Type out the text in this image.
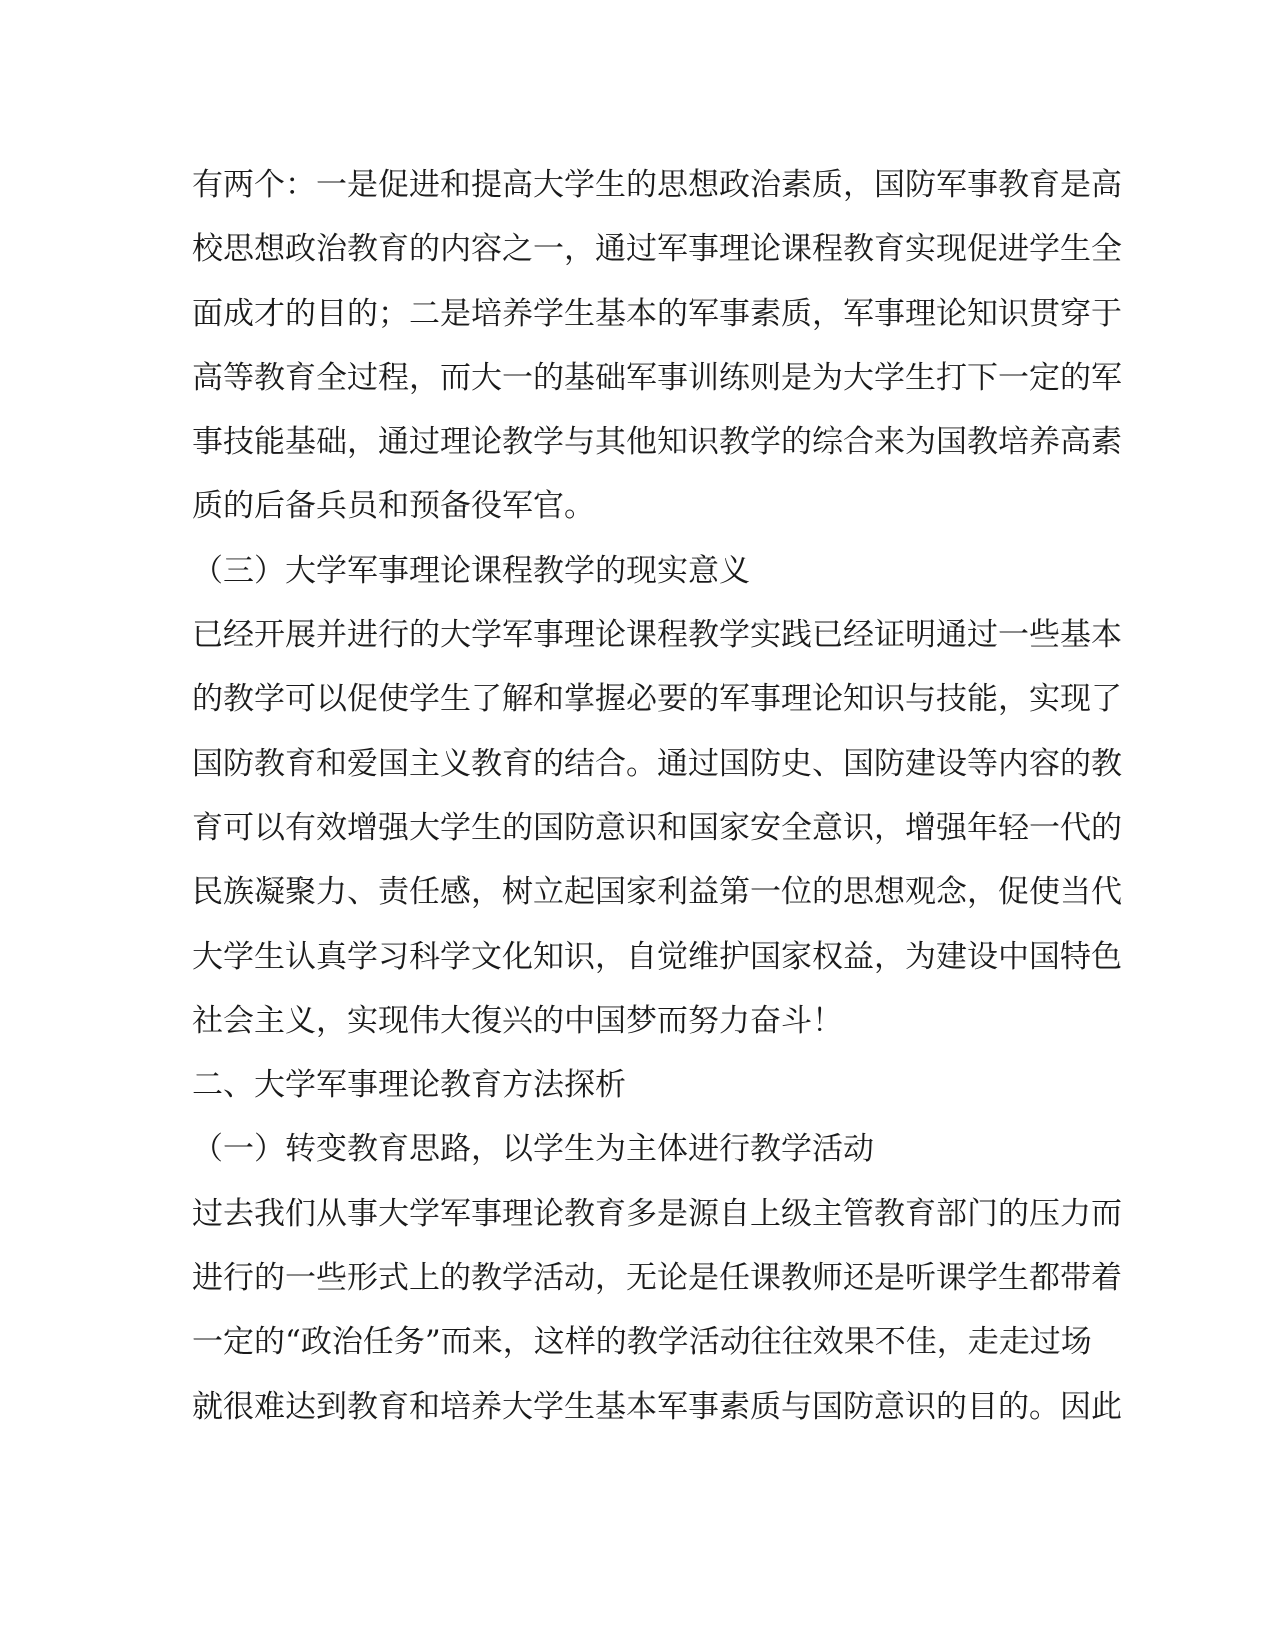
有两个：一是促进和提高大学生的思想政治素质，国防军事教育是高
校思想政治教育的内容之一，通过军事理论课程教育实现促进学生全
面成才的目的；二是培养学生基本的军事素质，军事理论知识贯穿于
高等教育全过程，而大一的基础军事训练则是为大学生打下一定的军
事技能基础，通过理论教学与其他知识教学的综合来为国教培养高素
质的后备兵员和预备役军官。
（三）大学军事理论课程教学的现实意义
已经开展并进行的大学军事理论课程教学实践已经证明通过一些基本
的教学可以促使学生了解和掌握必要的军事理论知识与技能，实现了
国防教育和爱国主义教育的结合。通过国防史、国防建设等内容的教
育可以有效增强大学生的国防意识和国家安全意识，增强年轻一代的
民族凝聚力、责任感，树立起国家利益第一位的思想观念，促使当代
大学生认真学习科学文化知识，自觉维护国家权益，为建设中国特色
社会主义，实现伟大復兴的中国梦而努力奋斗！
二、大学军事理论教育方法探析
（一）转变教育思路，以学生为主体进行教学活动
过去我们从事大学军事理论教育多是源自上级主管教育部门的压力而
进行的一些形式上的教学活动，无论是任课教师还是听课学生都带着
一定的“政治任务”而来，这样的教学活动往往效果不佳，走走过场
就很难达到教育和培养大学生基本军事素质与国防意识的目的。因此
